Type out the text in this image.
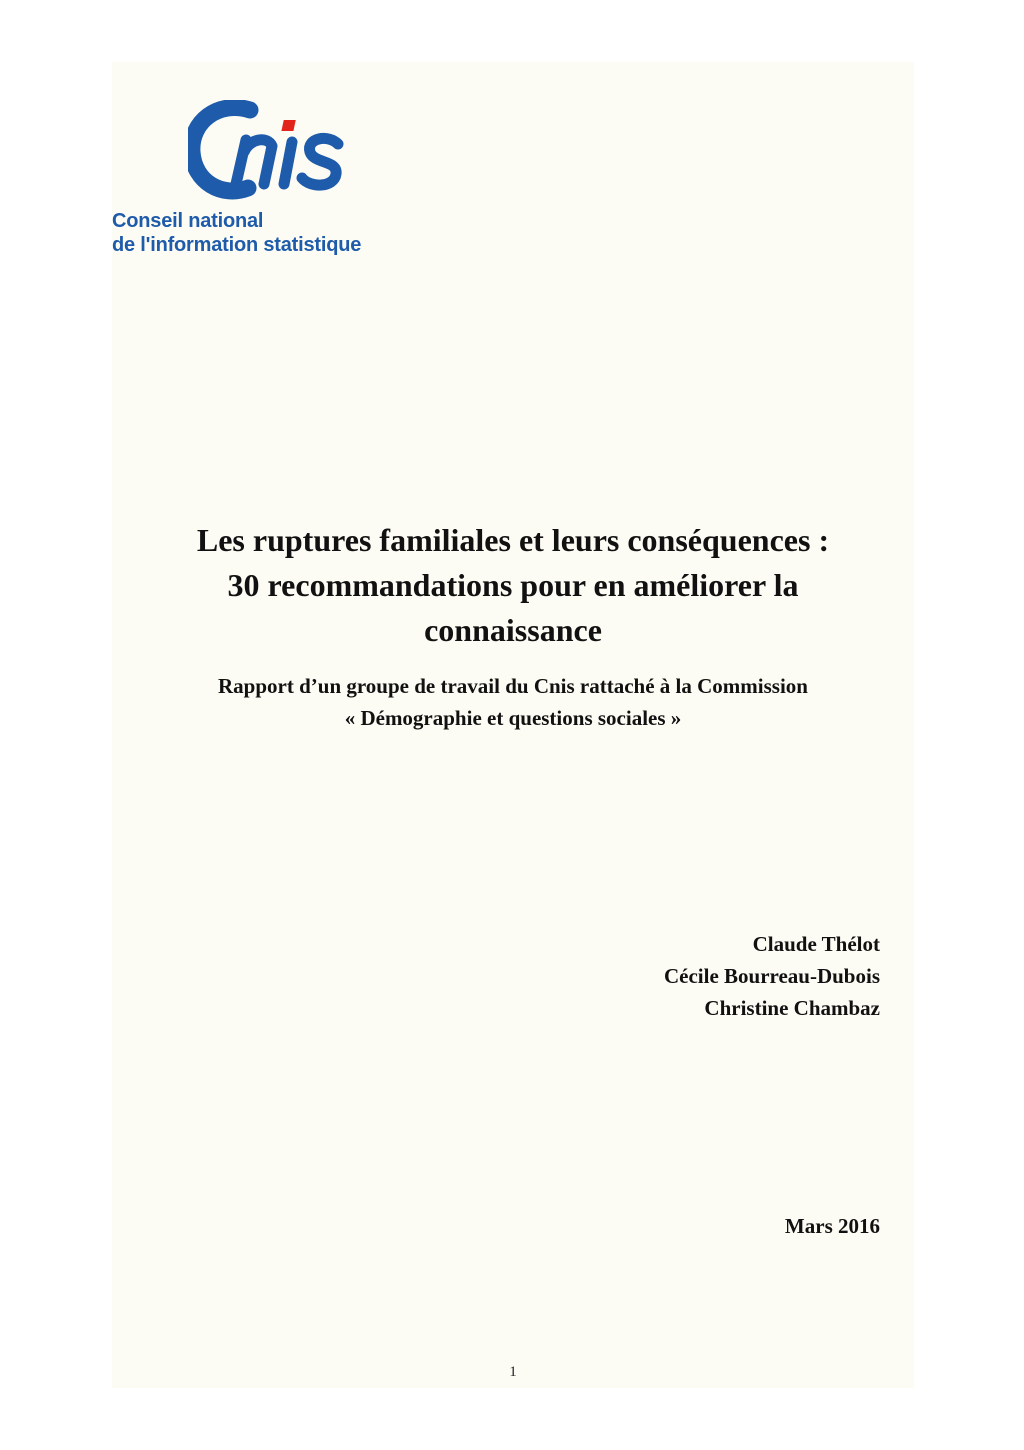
Conseil national
de l'information statistique
Les ruptures familiales et leurs conséquences :
30 recommandations pour en améliorer la
connaissance
Rapport d’un groupe de travail du Cnis rattaché à la Commission
« Démographie et questions sociales »
Claude Thélot
Cécile Bourreau-Dubois
Christine Chambaz
Mars 2016
1
